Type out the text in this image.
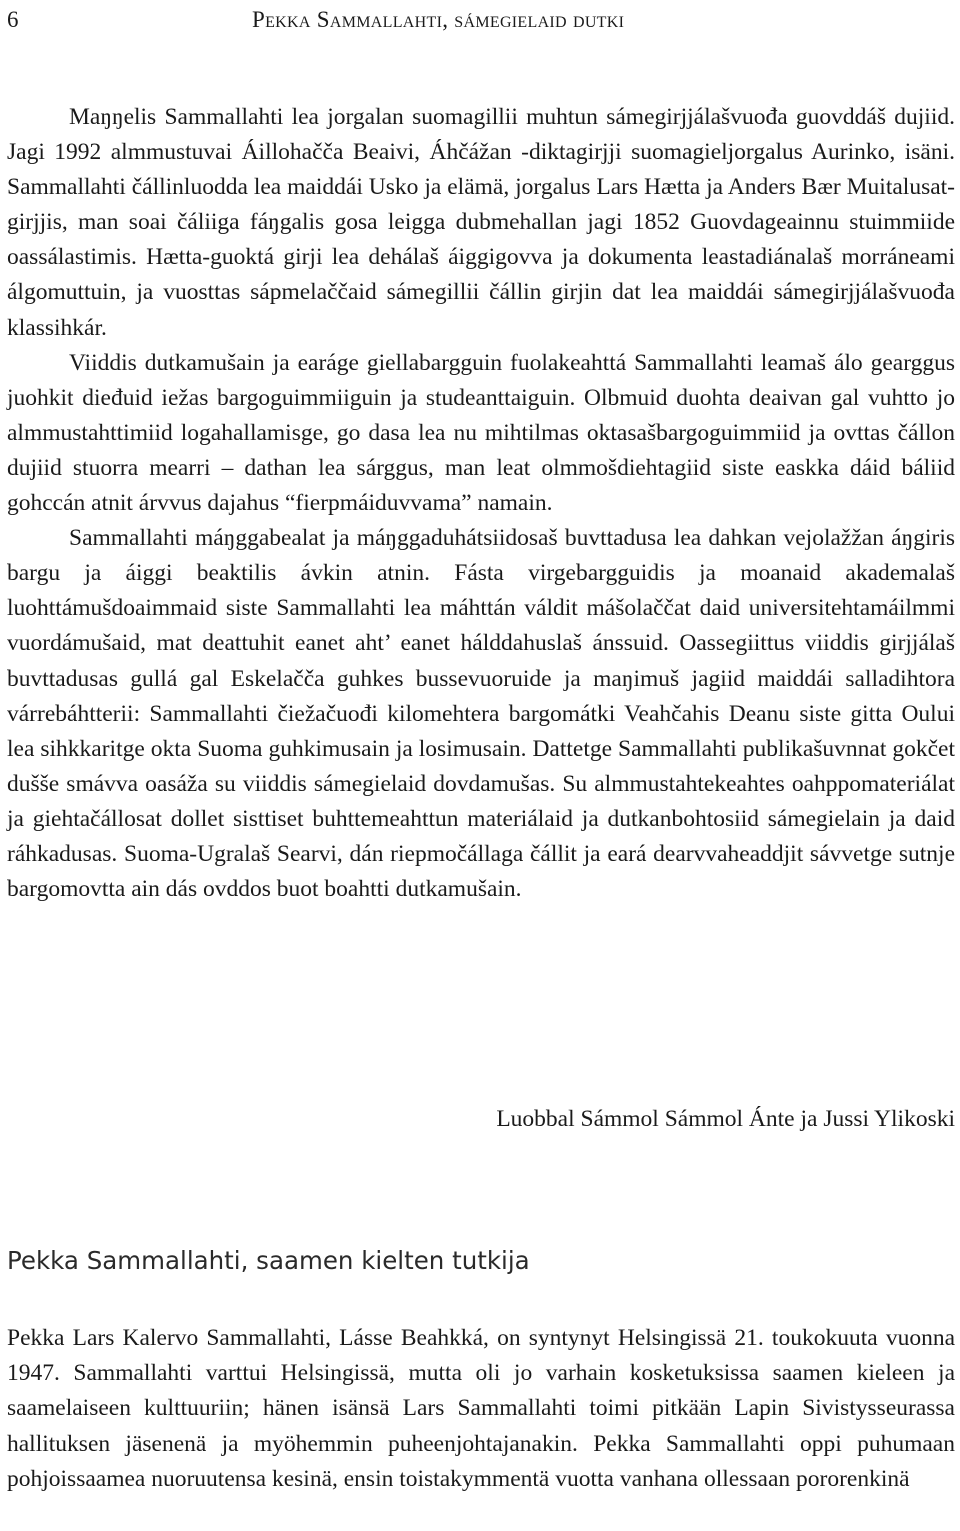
6	Pekka Sammallahti, sámegielaid dutki

Maŋŋelis Sammallahti lea jorgalan suomagillii muhtun sámegirjjálašvuođa guovddáš dujiid. Jagi 1992 almmustuvai Áillohačča Beaivi, Áhčážan -diktagirjji suomagieljorgalus Aurinko, isäni. Sammallahti čállinluodda lea maiddái Usko ja elämä, jorgalus Lars Hætta ja Anders Bær Muitalusat-girjjis, man soai čáliiga fáŋgalis gosa leigga dubmehallan jagi 1852 Guovdageainnu stuimmiide oassálastimis. Hætta-guoktá girji lea dehálaš áiggigovva ja dokumenta leastadiánalaš morráneami álgomuttuin, ja vuosttas sápmelaččaid sámegillii čállin girjin dat lea maiddái sámegirjjálašvuođa klassihkár.

Viiddis dutkamušain ja earáge giellabargguin fuolakeahttá Sammallahti leamaš álo gearggus juohkit dieđuid iežas bargoguimmiiguin ja studeanttaiguin. Olbmuid duohta deaivan gal vuhtto jo almmustahttimiid logahallamisge, go dasa lea nu mihtilmas oktasašbargoguimmiid ja ovttas čállon dujiid stuorra mearri – dathan lea sárggus, man leat olmmošdiehtagiid siste easkka dáid báliid gohccán atnit árvvus dajahus “fierpmáiduvvama” namain.

Sammallahti máŋggabealat ja máŋggaduhátsiidosaš buvttadusa lea dahkan vejolažžan áŋgiris bargu ja áiggi beaktilis ávkin atnin. Fásta virgebargguidis ja moanaid akademalaš luohttámušdoaimmaid siste Sammallahti lea máhttán váldit mášolaččat daid universitehtamáilmmi vuordámušaid, mat deattuhit eanet aht’ eanet hálddahuslaš ánssuid. Oassegiittus viiddis girjjálaš buvttadusas gullá gal Eskelačča guhkes bussevuoruide ja maŋimuš jagiid maiddái salladihtora várrebáhtterii: Sammallahti čiežačuođi kilomehtera bargomátki Veahčahis Deanu siste gitta Oului lea sihkkaritge okta Suoma guhkimusain ja losimusain. Dattetge Sammallahti publikašuvnnat gokčet dušše smávva oasáža su viiddis sámegielaid dovdamušas. Su almmustahtekeahtes oahppomateriálat ja giehtačállosat dollet sisttiset buhttemeahttun materiálaid ja dutkanbohtosiid sámegielain ja daid ráhkadusas. Suoma-Ugralaš Searvi, dán riepmočállaga čállit ja eará dearvvaheaddjit sávvetge sutnje bargomovtta ain dás ovddos buot boahtti dutkamušain.

Luobbal Sámmol Sámmol Ánte ja Jussi Ylikoski
Pekka Sammallahti, saamen kielten tutkija

Pekka Lars Kalervo Sammallahti, Lásse Beahkká, on syntynyt Helsingissä 21. toukokuuta vuonna 1947. Sammallahti varttui Helsingissä, mutta oli jo varhain kosketuksissa saamen kieleen ja saamelaiseen kulttuuriin; hänen isänsä Lars Sammallahti toimi pitkään Lapin Sivistysseurassa hallituksen jäsenenä ja myöhemmin puheenjohtajanakin. Pekka Sammallahti oppi puhumaan pohjoissaamea nuoruutensa kesinä, ensin toistakymmentä vuotta vanhana ollessaan pororenkinä
